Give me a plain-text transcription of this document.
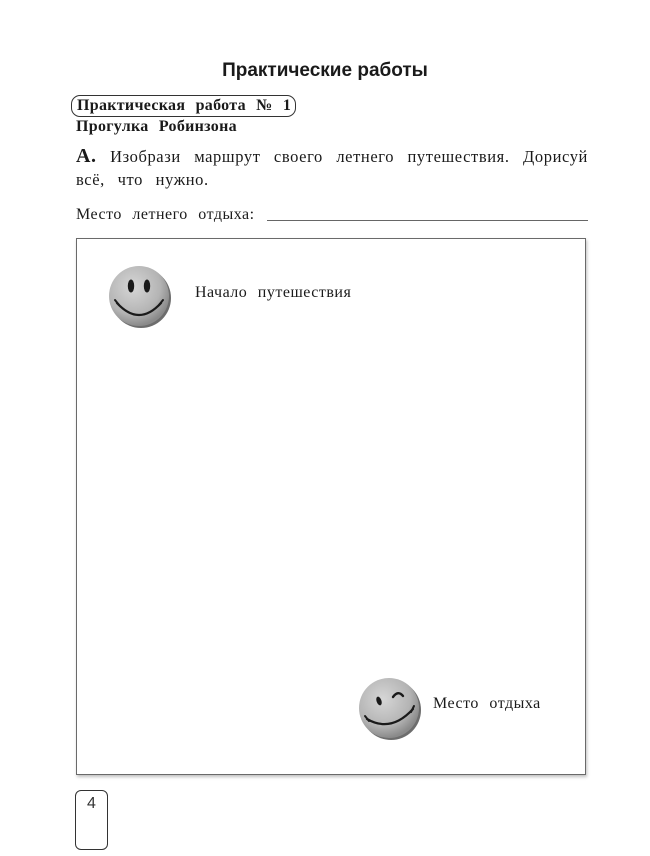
Практические работы
Практическая работа № 1
Прогулка Робинзона
А. Изобрази маршрут своего летнего путешествия. Дорисуй всё, что нужно.
Место летнего отдыха:
Начало путешествия
Место отдыха
4
